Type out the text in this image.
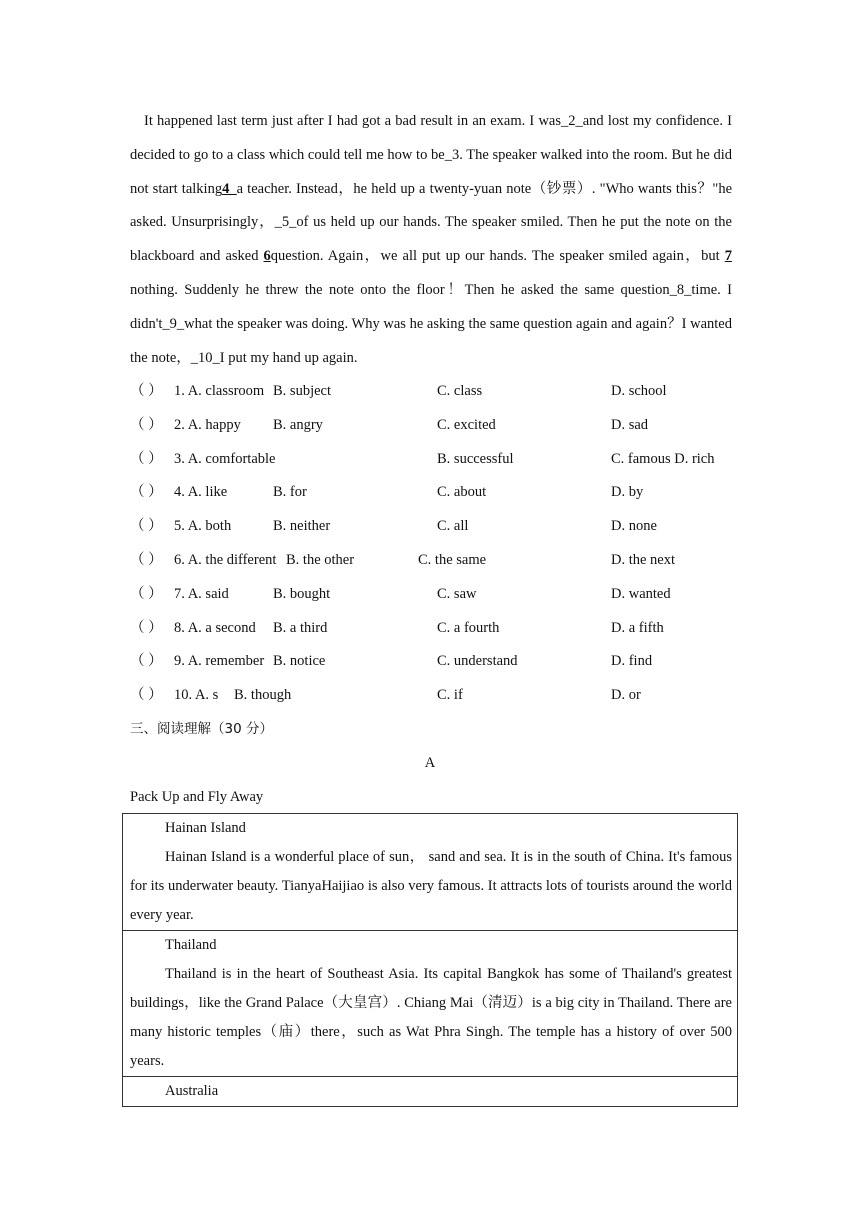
It happened last term just after I had got a bad result in an exam. I was_2_and lost my confidence. I decided to go to a class which could tell me how to be_3. The speaker walked into the room. But he did not start talking4_a teacher. Instead，he held up a twenty-yuan note（钞票）. "Who wants this？"he asked. Unsurprisingly，_5_of us held up our hands. The speaker smiled. Then he put the note on the blackboard and asked 6question. Again，we all put up our hands. The speaker smiled again，but 7 nothing. Suddenly he threw the note onto the floor！Then he asked the same question_8_time. I didn't_9_what the speaker was doing. Why was he asking the same question again and again？I wanted the note，_10_I put my hand up again.

（ ） 1. A. classroom B. subject	C. class	D. school
（ ） 2. A. happy B. angry	C. excited	D. sad
（ ） 3. A. comfortable	B. successful	C. famous D. rich
（ ） 4. A. like	B. for	C. about	D. by
（ ） 5. A. both	B. neither	C. all	D. none
（ ） 6. A. the different B. the other	C. the same	D. the next
（ ） 7. A. said	B. bought	C. saw	D. wanted
（ ） 8. A. a second B. a third	C. a fourth	D. a fifth
（ ） 9. A. remember B. notice	C. understand	D. find
（ ） 10. A. s B. though	C. if	D. or
三、阅读理解（30 分）
A
Pack Up and Fly Away

Hainan Island

Hainan Island is a wonderful place of sun， sand and sea. It is in the south of China. It's famous for its underwater beauty. TianyaHaijiao is also very famous. It attracts lots of tourists around the world every year.

Thailand

Thailand is in the heart of Southeast Asia. Its capital Bangkok has some of Thailand's greatest buildings，like the Grand Palace（大皇宫）. Chiang Mai（清迈）is a big city in Thailand. There are many historic temples（庙）there，such as Wat Phra Singh. The temple has a history of over 500 years.

Australia
